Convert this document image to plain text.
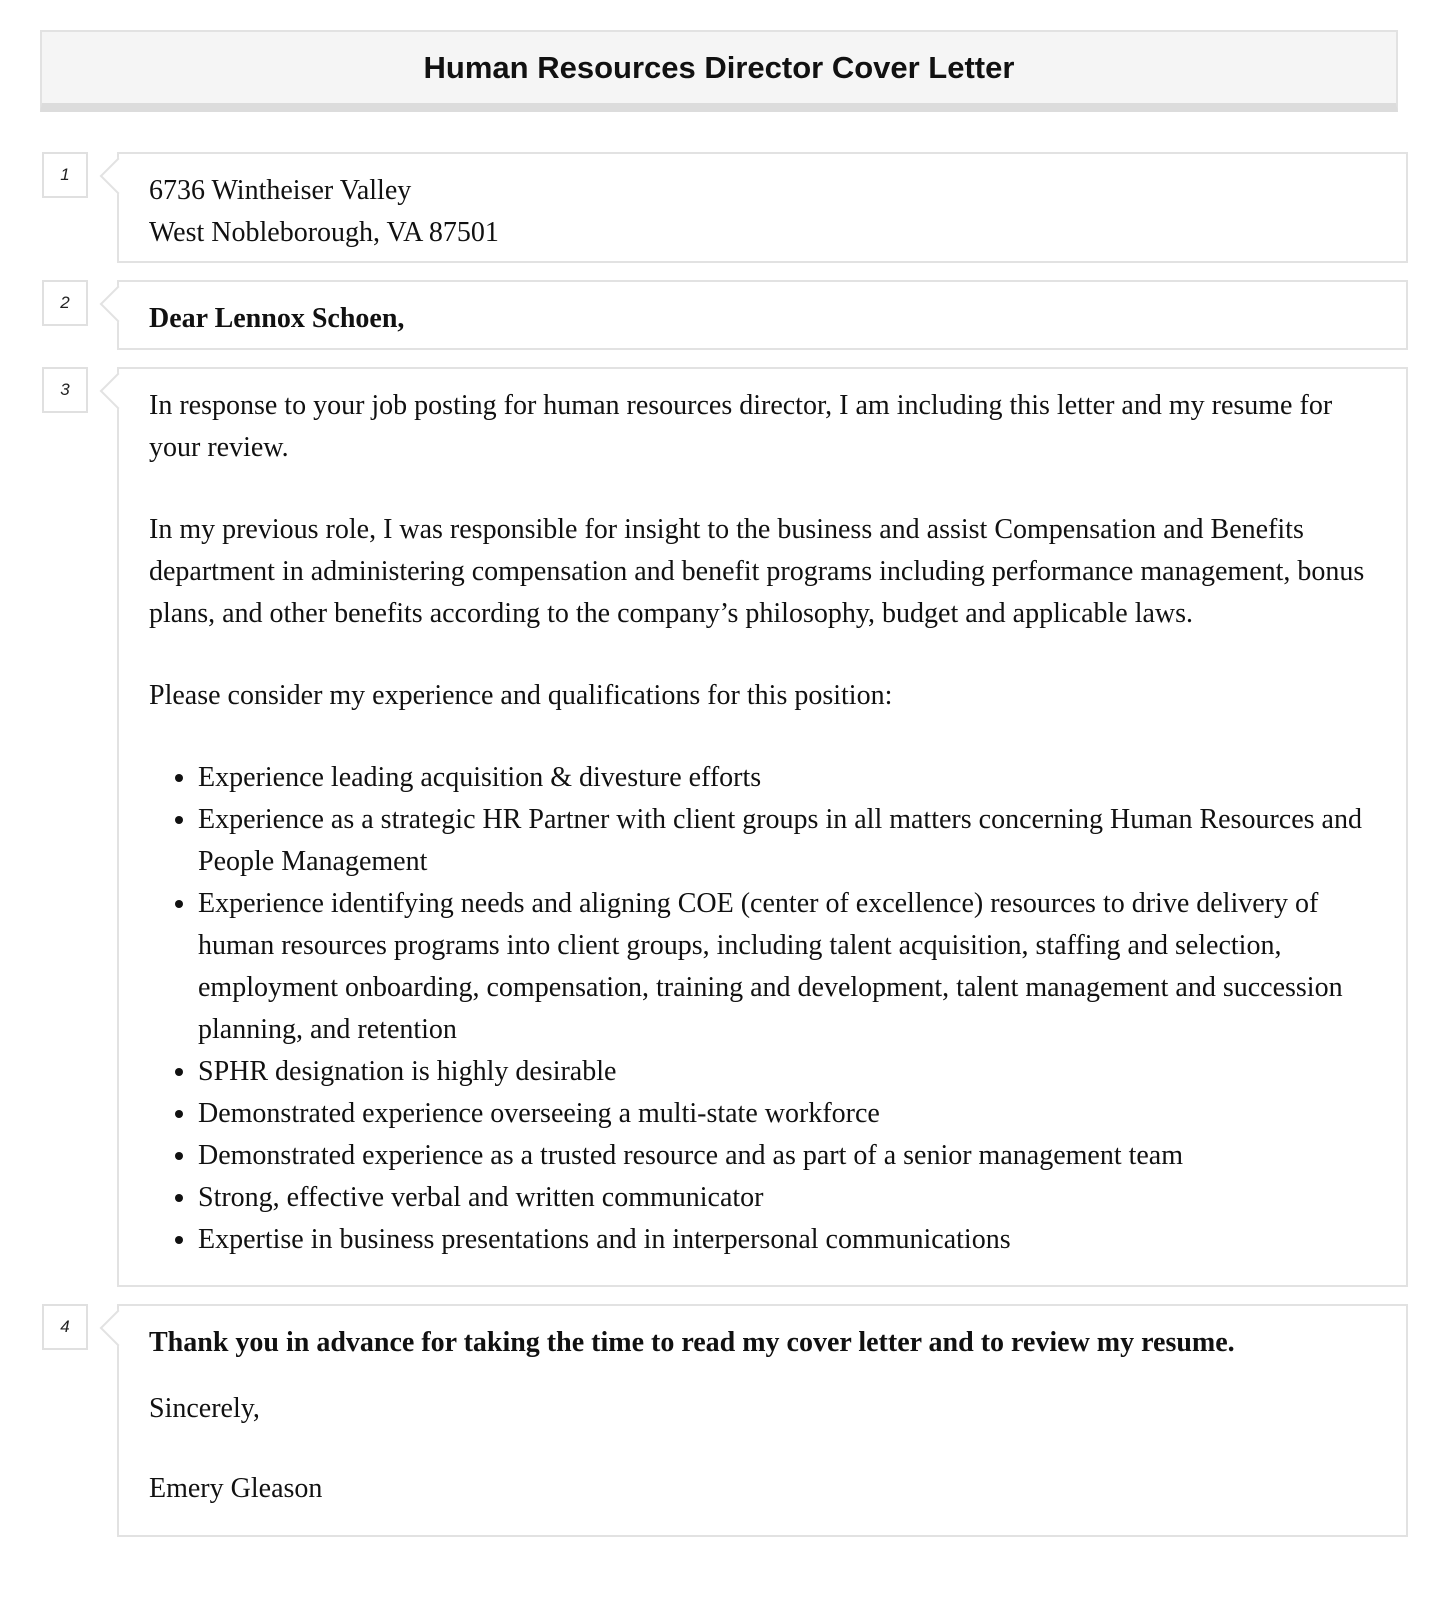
Human Resources Director Cover Letter
1

6736 Wintheiser Valley

West Nobleborough, VA 87501

2

Dear Lennox Schoen,

3

In response to your job posting for human resources director, I am including this letter and my resume for your review.

In my previous role, I was responsible for insight to the business and assist Compensation and Benefits department in administering compensation and benefit programs including performance management, bonus plans, and other benefits according to the company’s philosophy, budget and applicable laws.

Please consider my experience and qualifications for this position:

• Experience leading acquisition & divesture efforts
• Experience as a strategic HR Partner with client groups in all matters concerning Human Resources and People Management
• Experience identifying needs and aligning COE (center of excellence) resources to drive delivery of human resources programs into client groups, including talent acquisition, staffing and selection, employment onboarding, compensation, training and development, talent management and succession planning, and retention
• SPHR designation is highly desirable
• Demonstrated experience overseeing a multi-state workforce
• Demonstrated experience as a trusted resource and as part of a senior management team
• Strong, effective verbal and written communicator
• Expertise in business presentations and in interpersonal communications
4

Thank you in advance for taking the time to read my cover letter and to review my resume.

Sincerely,

Emery Gleason
